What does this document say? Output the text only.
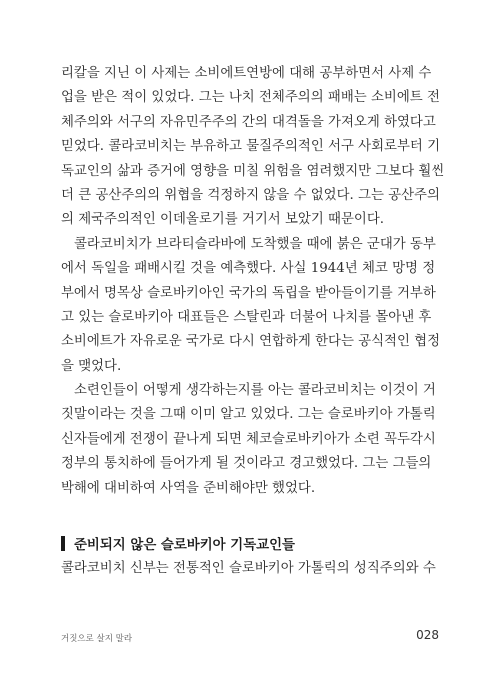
리칼을 지닌 이 사제는 소비에트연방에 대해 공부하면서 사제 수
업을 받은 적이 있었다. 그는 나치 전체주의의 패배는 소비에트 전
체주의와 서구의 자유민주주의 간의 대격돌을 가져오게 하였다고
믿었다. 콜라코비치는 부유하고 물질주의적인 서구 사회로부터 기
독교인의 삶과 증거에 영향을 미칠 위험을 염려했지만 그보다 훨씬
더 큰 공산주의의 위협을 걱정하지 않을 수 없었다. 그는 공산주의
의 제국주의적인 이데올로기를 거기서 보았기 때문이다.
콜라코비치가 브라티슬라바에 도착했을 때에 붉은 군대가 동부
에서 독일을 패배시킬 것을 예측했다. 사실 1944년 체코 망명 정
부에서 명목상 슬로바키아인 국가의 독립을 받아들이기를 거부하
고 있는 슬로바키아 대표들은 스탈린과 더불어 나치를 몰아낸 후
소비에트가 자유로운 국가로 다시 연합하게 한다는 공식적인 협정
을 맺었다.
소련인들이 어떻게 생각하는지를 아는 콜라코비치는 이것이 거
짓말이라는 것을 그때 이미 알고 있었다. 그는 슬로바키아 가톨릭
신자들에게 전쟁이 끝나게 되면 체코슬로바키아가 소련 꼭두각시
정부의 통치하에 들어가게 될 것이라고 경고했었다. 그는 그들의
박해에 대비하여 사역을 준비해야만 했었다.
준비되지 않은 슬로바키아 기독교인들
콜라코비치 신부는 전통적인 슬로바키아 가톨릭의 성직주의와 수
거짓으로 살지 말라	028
